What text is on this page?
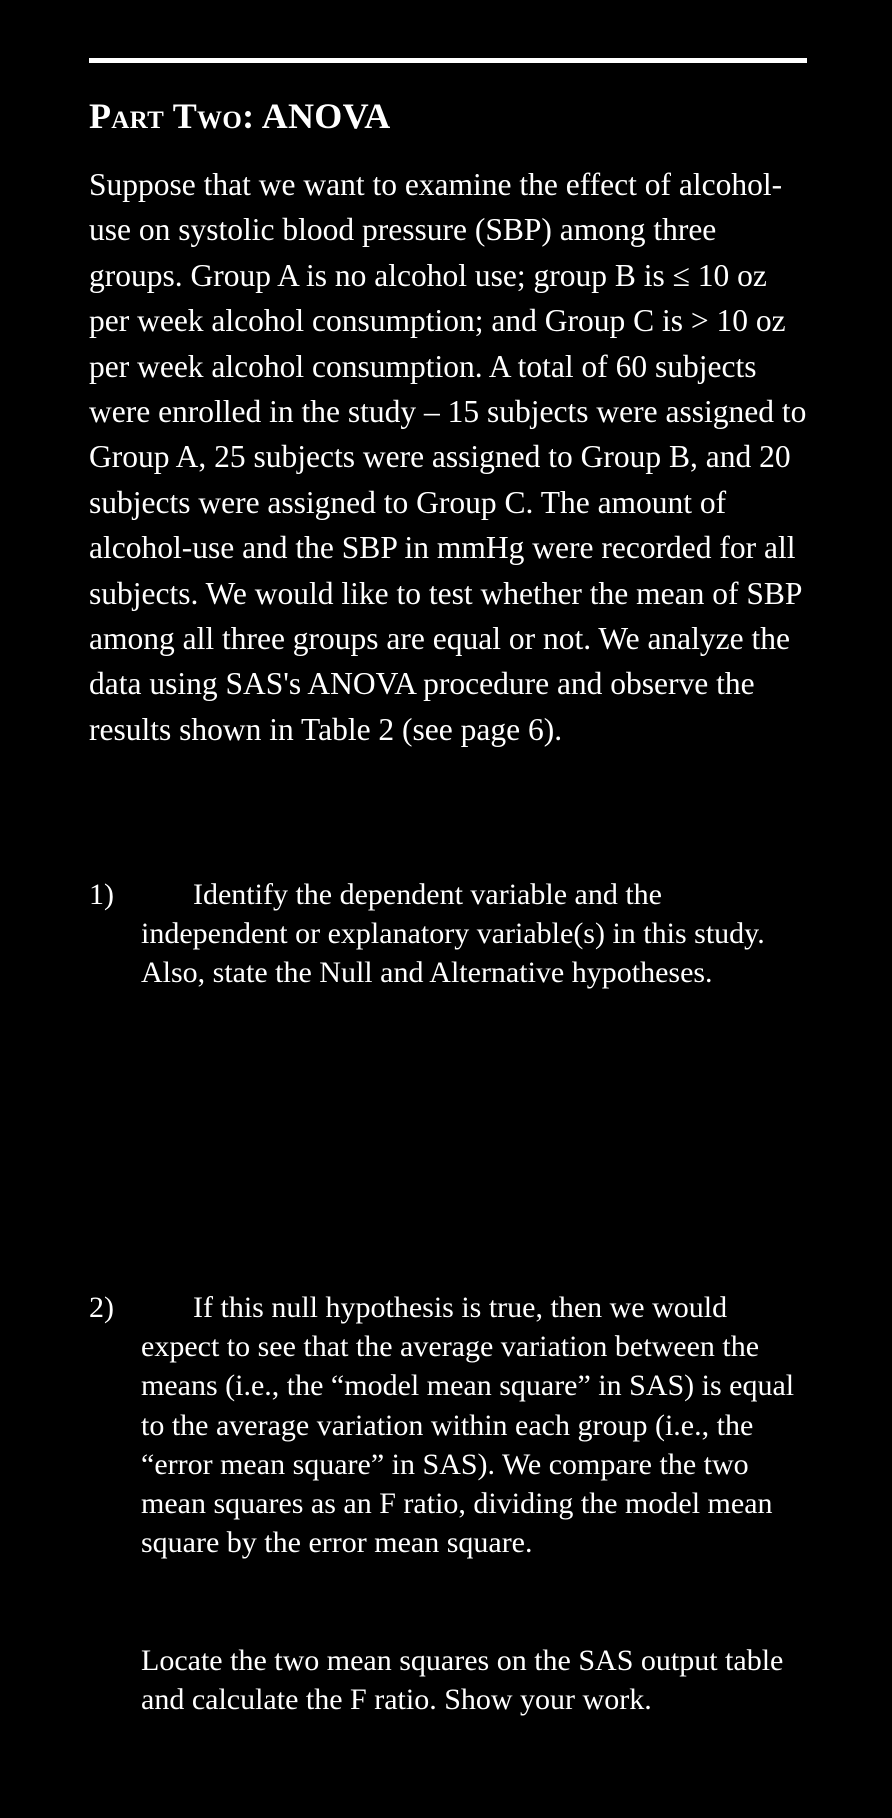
Part Two: ANOVA

Suppose that we want to examine the effect of alcohol-use on systolic blood pressure (SBP) among three groups. Group A is no alcohol use; group B is ≤ 10 oz per week alcohol consumption; and Group C is > 10 oz per week alcohol consumption. A total of 60 subjects were enrolled in the study – 15 subjects were assigned to Group A, 25 subjects were assigned to Group B, and 20 subjects were assigned to Group C. The amount of alcohol-use and the SBP in mmHg were recorded for all subjects. We would like to test whether the mean of SBP among all three groups are equal or not. We analyze the data using SAS's ANOVA procedure and observe the results shown in Table 2 (see page 6).

1)	Identify the dependent variable and the independent or explanatory variable(s) in this study. Also, state the Null and Alternative hypotheses.

2)	If this null hypothesis is true, then we would expect to see that the average variation between the means (i.e., the “model mean square” in SAS) is equal to the average variation within each group (i.e., the “error mean square” in SAS). We compare the two mean squares as an F ratio, dividing the model mean square by the error mean square.

Locate the two mean squares on the SAS output table and calculate the F ratio. Show your work.
